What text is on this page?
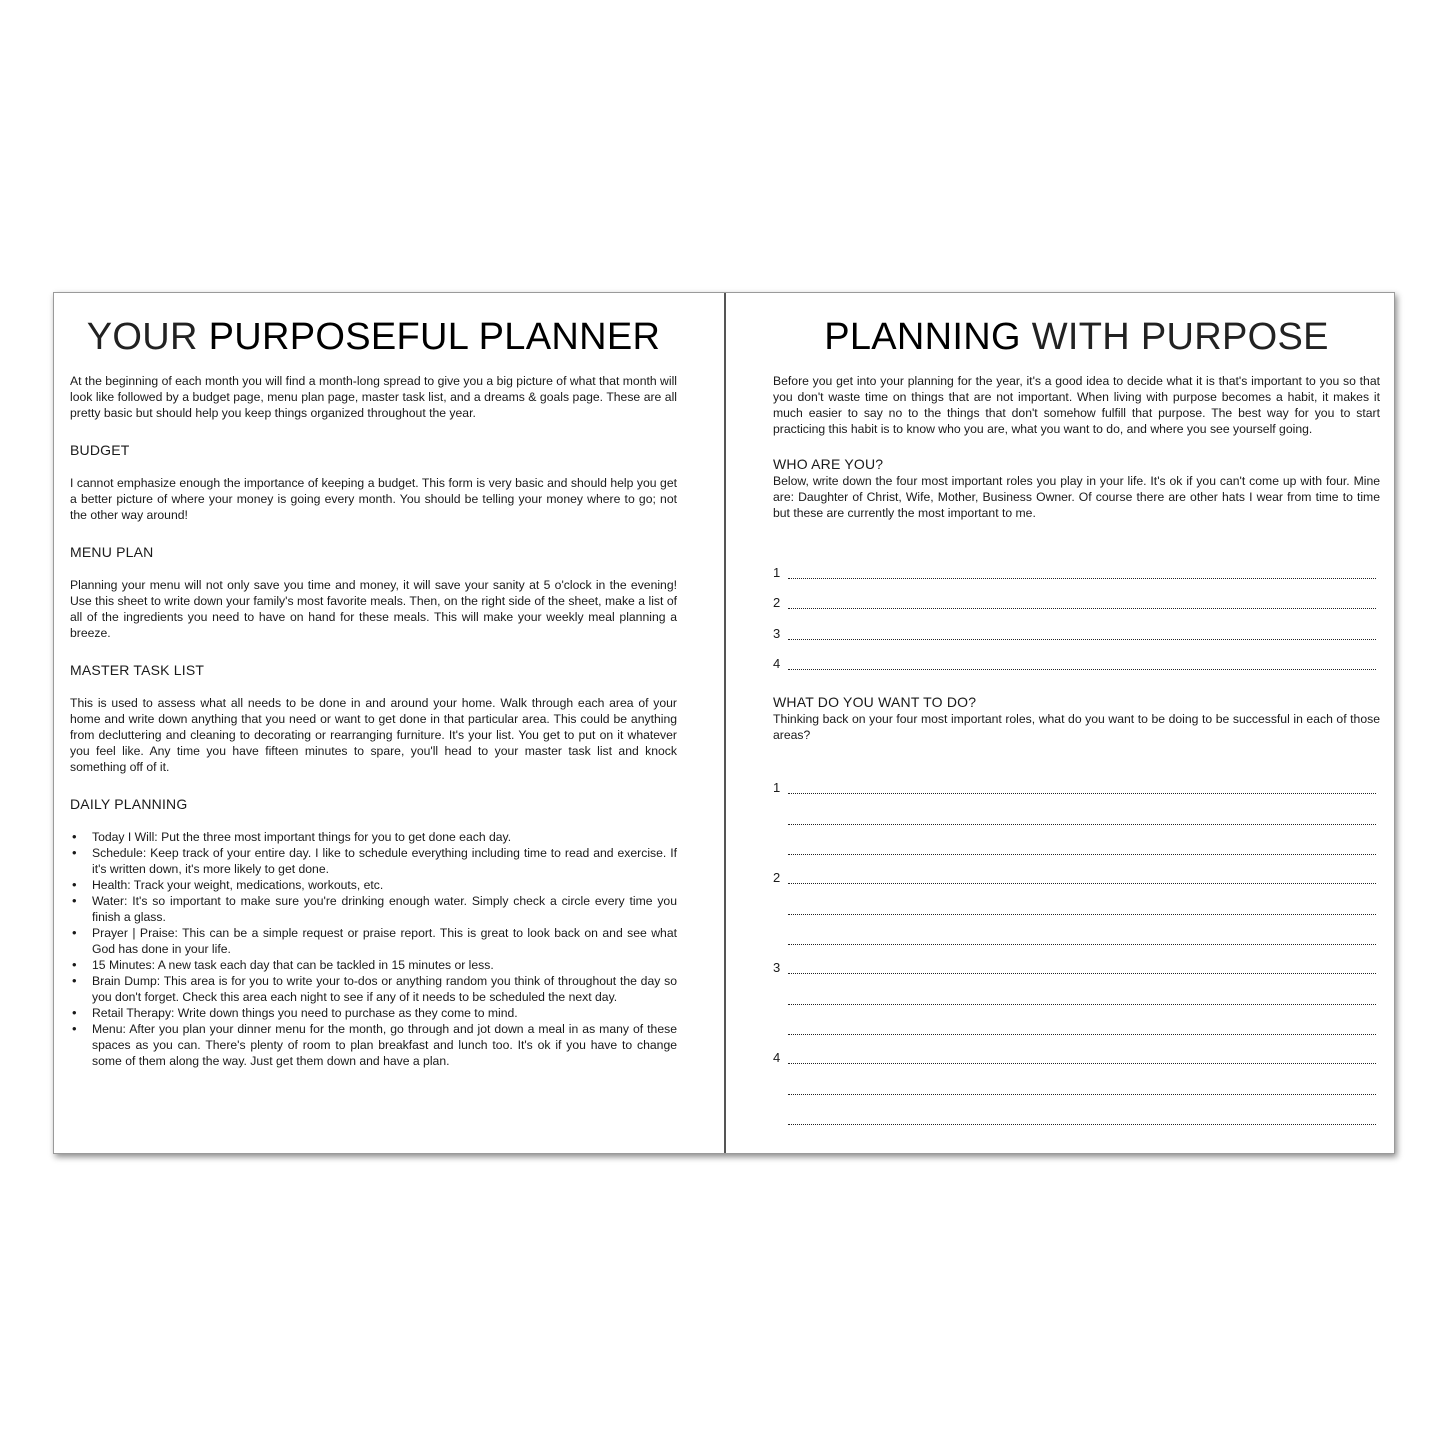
YOUR PURPOSEFUL PLANNER

At the beginning of each month you will find a month-long spread to give you a big picture of what that month will look like followed by a budget page, menu plan page, master task list, and a dreams & goals page. These are all pretty basic but should help you keep things organized throughout the year.

BUDGET

I cannot emphasize enough the importance of keeping a budget. This form is very basic and should help you get a better picture of where your money is going every month. You should be telling your money where to go; not the other way around!

MENU PLAN

Planning your menu will not only save you time and money, it will save your sanity at 5 o'clock in the evening! Use this sheet to write down your family's most favorite meals. Then, on the right side of the sheet, make a list of all of the ingredients you need to have on hand for these meals. This will make your weekly meal planning a breeze.

MASTER TASK LIST

This is used to assess what all needs to be done in and around your home. Walk through each area of your home and write down anything that you need or want to get done in that particular area. This could be anything from decluttering and cleaning to decorating or rearranging furniture. It's your list. You get to put on it whatever you feel like. Any time you have fifteen minutes to spare, you'll head to your master task list and knock something off of it.

DAILY PLANNING
• Today I Will: Put the three most important things for you to get done each day.
• Schedule: Keep track of your entire day. I like to schedule everything including time to read and exercise. If it's written down, it's more likely to get done.
• Health: Track your weight, medications, workouts, etc.
• Water: It's so important to make sure you're drinking enough water. Simply check a circle every time you finish a glass.
• Prayer | Praise: This can be a simple request or praise report. This is great to look back on and see what God has done in your life.
• 15 Minutes: A new task each day that can be tackled in 15 minutes or less.
• Brain Dump: This area is for you to write your to-dos or anything random you think of throughout the day so you don't forget. Check this area each night to see if any of it needs to be scheduled the next day.
• Retail Therapy: Write down things you need to purchase as they come to mind.
• Menu: After you plan your dinner menu for the month, go through and jot down a meal in as many of these spaces as you can. There's plenty of room to plan breakfast and lunch too. It's ok if you have to change some of them along the way. Just get them down and have a plan.
PLANNING WITH PURPOSE

Before you get into your planning for the year, it's a good idea to decide what it is that's important to you so that you don't waste time on things that are not important. When living with purpose becomes a habit, it makes it much easier to say no to the things that don't somehow fulfill that purpose. The best way for you to start practicing this habit is to know who you are, what you want to do, and where you see yourself going.

WHO ARE YOU?

Below, write down the four most important roles you play in your life. It's ok if you can't come up with four. Mine are: Daughter of Christ, Wife, Mother, Business Owner. Of course there are other hats I wear from time to time but these are currently the most important to me.

1
2
3
4
WHAT DO YOU WANT TO DO?

Thinking back on your four most important roles, what do you want to be doing to be successful in each of those areas?

1
2
3
4
